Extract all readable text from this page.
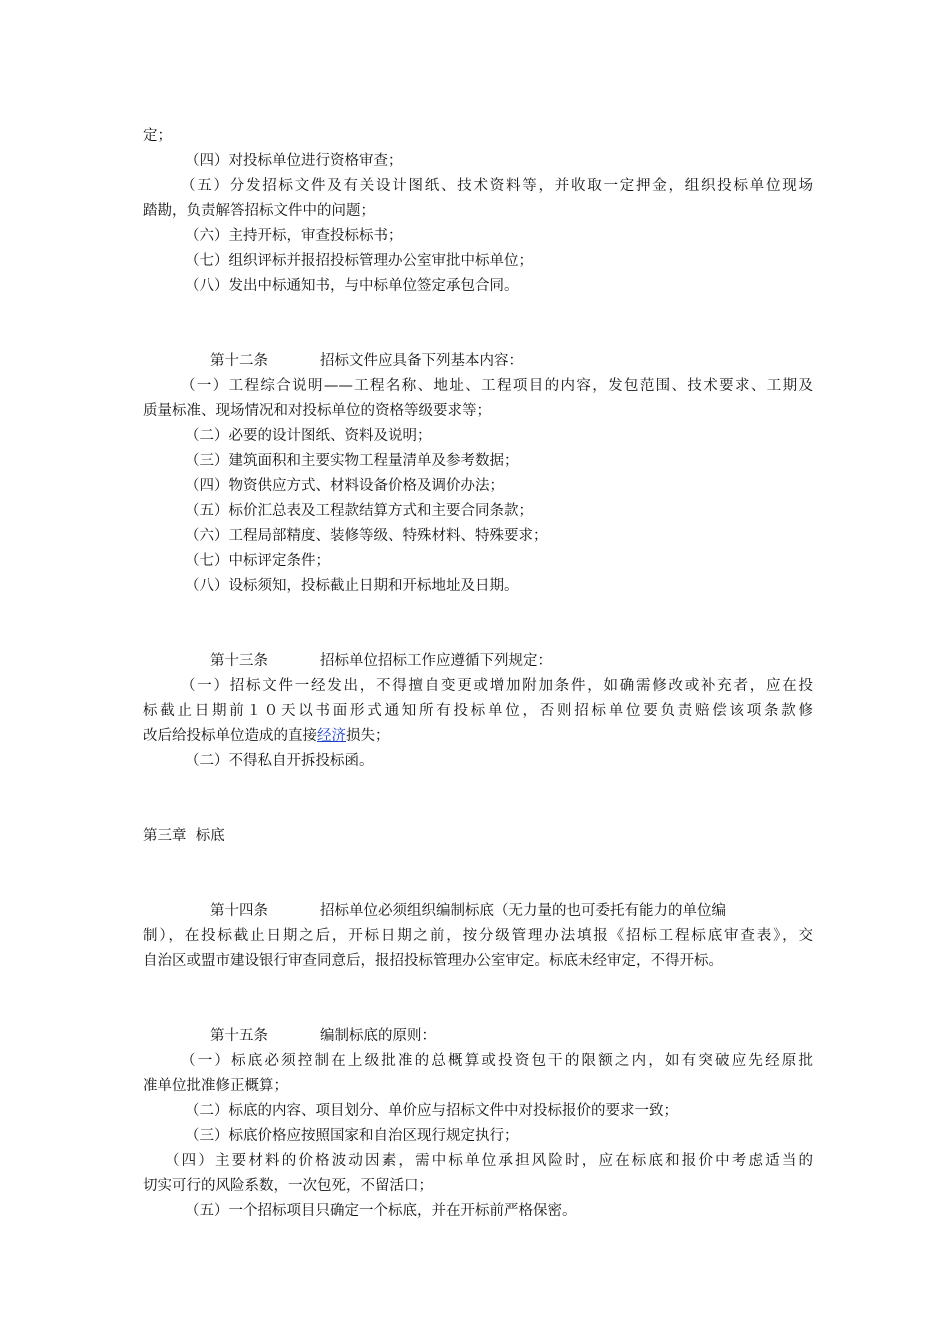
定；
（四）对投标单位进行资格审查；
（五）分发招标文件及有关设计图纸、技术资料等，并收取一定押金，组织投标单位现场
踏勘，负责解答招标文件中的问题；
（六）主持开标，审查投标标书；
（七）组织评标并报招投标管理办公室审批中标单位；
（八）发出中标通知书，与中标单位签定承包合同。
第十二条	招标文件应具备下列基本内容：
（一）工程综合说明——工程名称、地址、工程项目的内容，发包范围、技术要求、工期及
质量标准、现场情况和对投标单位的资格等级要求等；
（二）必要的设计图纸、资料及说明；
（三）建筑面积和主要实物工程量清单及参考数据；
（四）物资供应方式、材料设备价格及调价办法；
（五）标价汇总表及工程款结算方式和主要合同条款；
（六）工程局部精度、装修等级、特殊材料、特殊要求；
（七）中标评定条件；
（八）设标须知，投标截止日期和开标地址及日期。
第十三条	招标单位招标工作应遵循下列规定：
（一）招标文件一经发出，不得擅自变更或增加附加条件，如确需修改或补充者，应在投
标截止日期前１０天以书面形式通知所有投标单位，否则招标单位要负责赔偿该项条款修
改后给投标单位造成的直接经济损失；
（二）不得私自开拆投标函。
第三章  标底
第十四条	招标单位必须组织编制标底（无力量的也可委托有能力的单位编
制），在投标截止日期之后，开标日期之前，按分级管理办法填报《招标工程标底审查表》，交
自治区或盟市建设银行审查同意后，报招投标管理办公室审定。标底未经审定，不得开标。
第十五条	编制标底的原则：
（一）标底必须控制在上级批准的总概算或投资包干的限额之内，如有突破应先经原批
准单位批准修正概算；
（二）标底的内容、项目划分、单价应与招标文件中对投标报价的要求一致；
（三）标底价格应按照国家和自治区现行规定执行；
（四）主要材料的价格波动因素，需中标单位承担风险时，应在标底和报价中考虑适当的
切实可行的风险系数，一次包死，不留活口；
（五）一个招标项目只确定一个标底，并在开标前严格保密。
